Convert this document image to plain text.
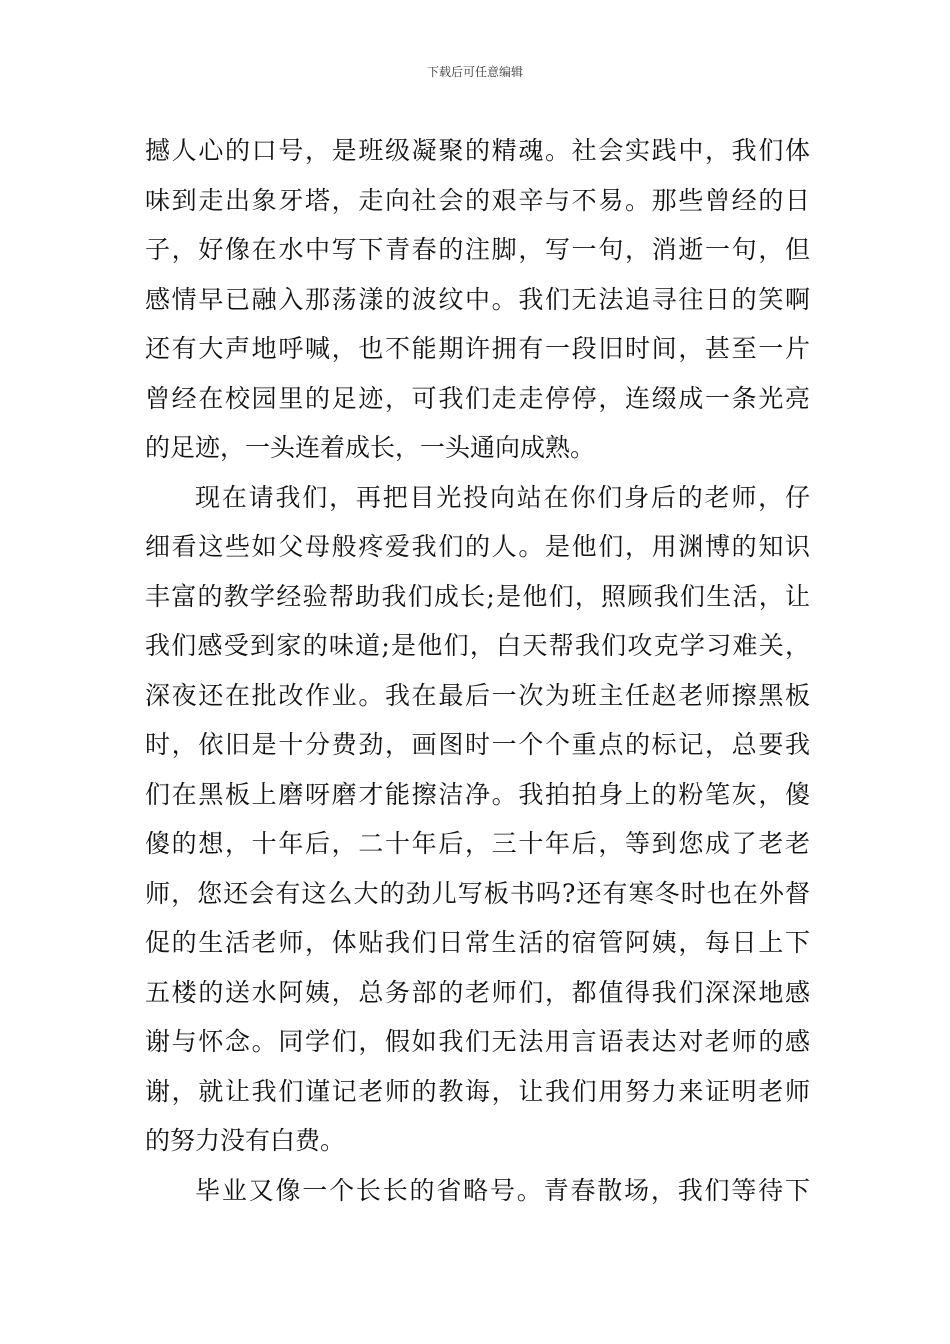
下载后可任意编辑
撼人心的口号，是班级凝聚的精魂。社会实践中，我们体
味到走出象牙塔，走向社会的艰辛与不易。那些曾经的日
子，好像在水中写下青春的注脚，写一句，消逝一句，但
感情早已融入那荡漾的波纹中。我们无法追寻往日的笑啊
还有大声地呼喊，也不能期许拥有一段旧时间，甚至一片
曾经在校园里的足迹，可我们走走停停，连缀成一条光亮
的足迹，一头连着成长，一头通向成熟。
现在请我们，再把目光投向站在你们身后的老师，仔
细看这些如父母般疼爱我们的人。是他们，用渊博的知识
丰富的教学经验帮助我们成长;是他们，照顾我们生活，让
我们感受到家的味道;是他们，白天帮我们攻克学习难关，
深夜还在批改作业。我在最后一次为班主任赵老师擦黑板
时，依旧是十分费劲，画图时一个个重点的标记，总要我
们在黑板上磨呀磨才能擦洁净。我拍拍身上的粉笔灰，傻
傻的想，十年后，二十年后，三十年后，等到您成了老老
师，您还会有这么大的劲儿写板书吗?还有寒冬时也在外督
促的生活老师，体贴我们日常生活的宿管阿姨，每日上下
五楼的送水阿姨，总务部的老师们，都值得我们深深地感
谢与怀念。同学们，假如我们无法用言语表达对老师的感
谢，就让我们谨记老师的教诲，让我们用努力来证明老师
的努力没有白费。
毕业又像一个长长的省略号。青春散场，我们等待下
